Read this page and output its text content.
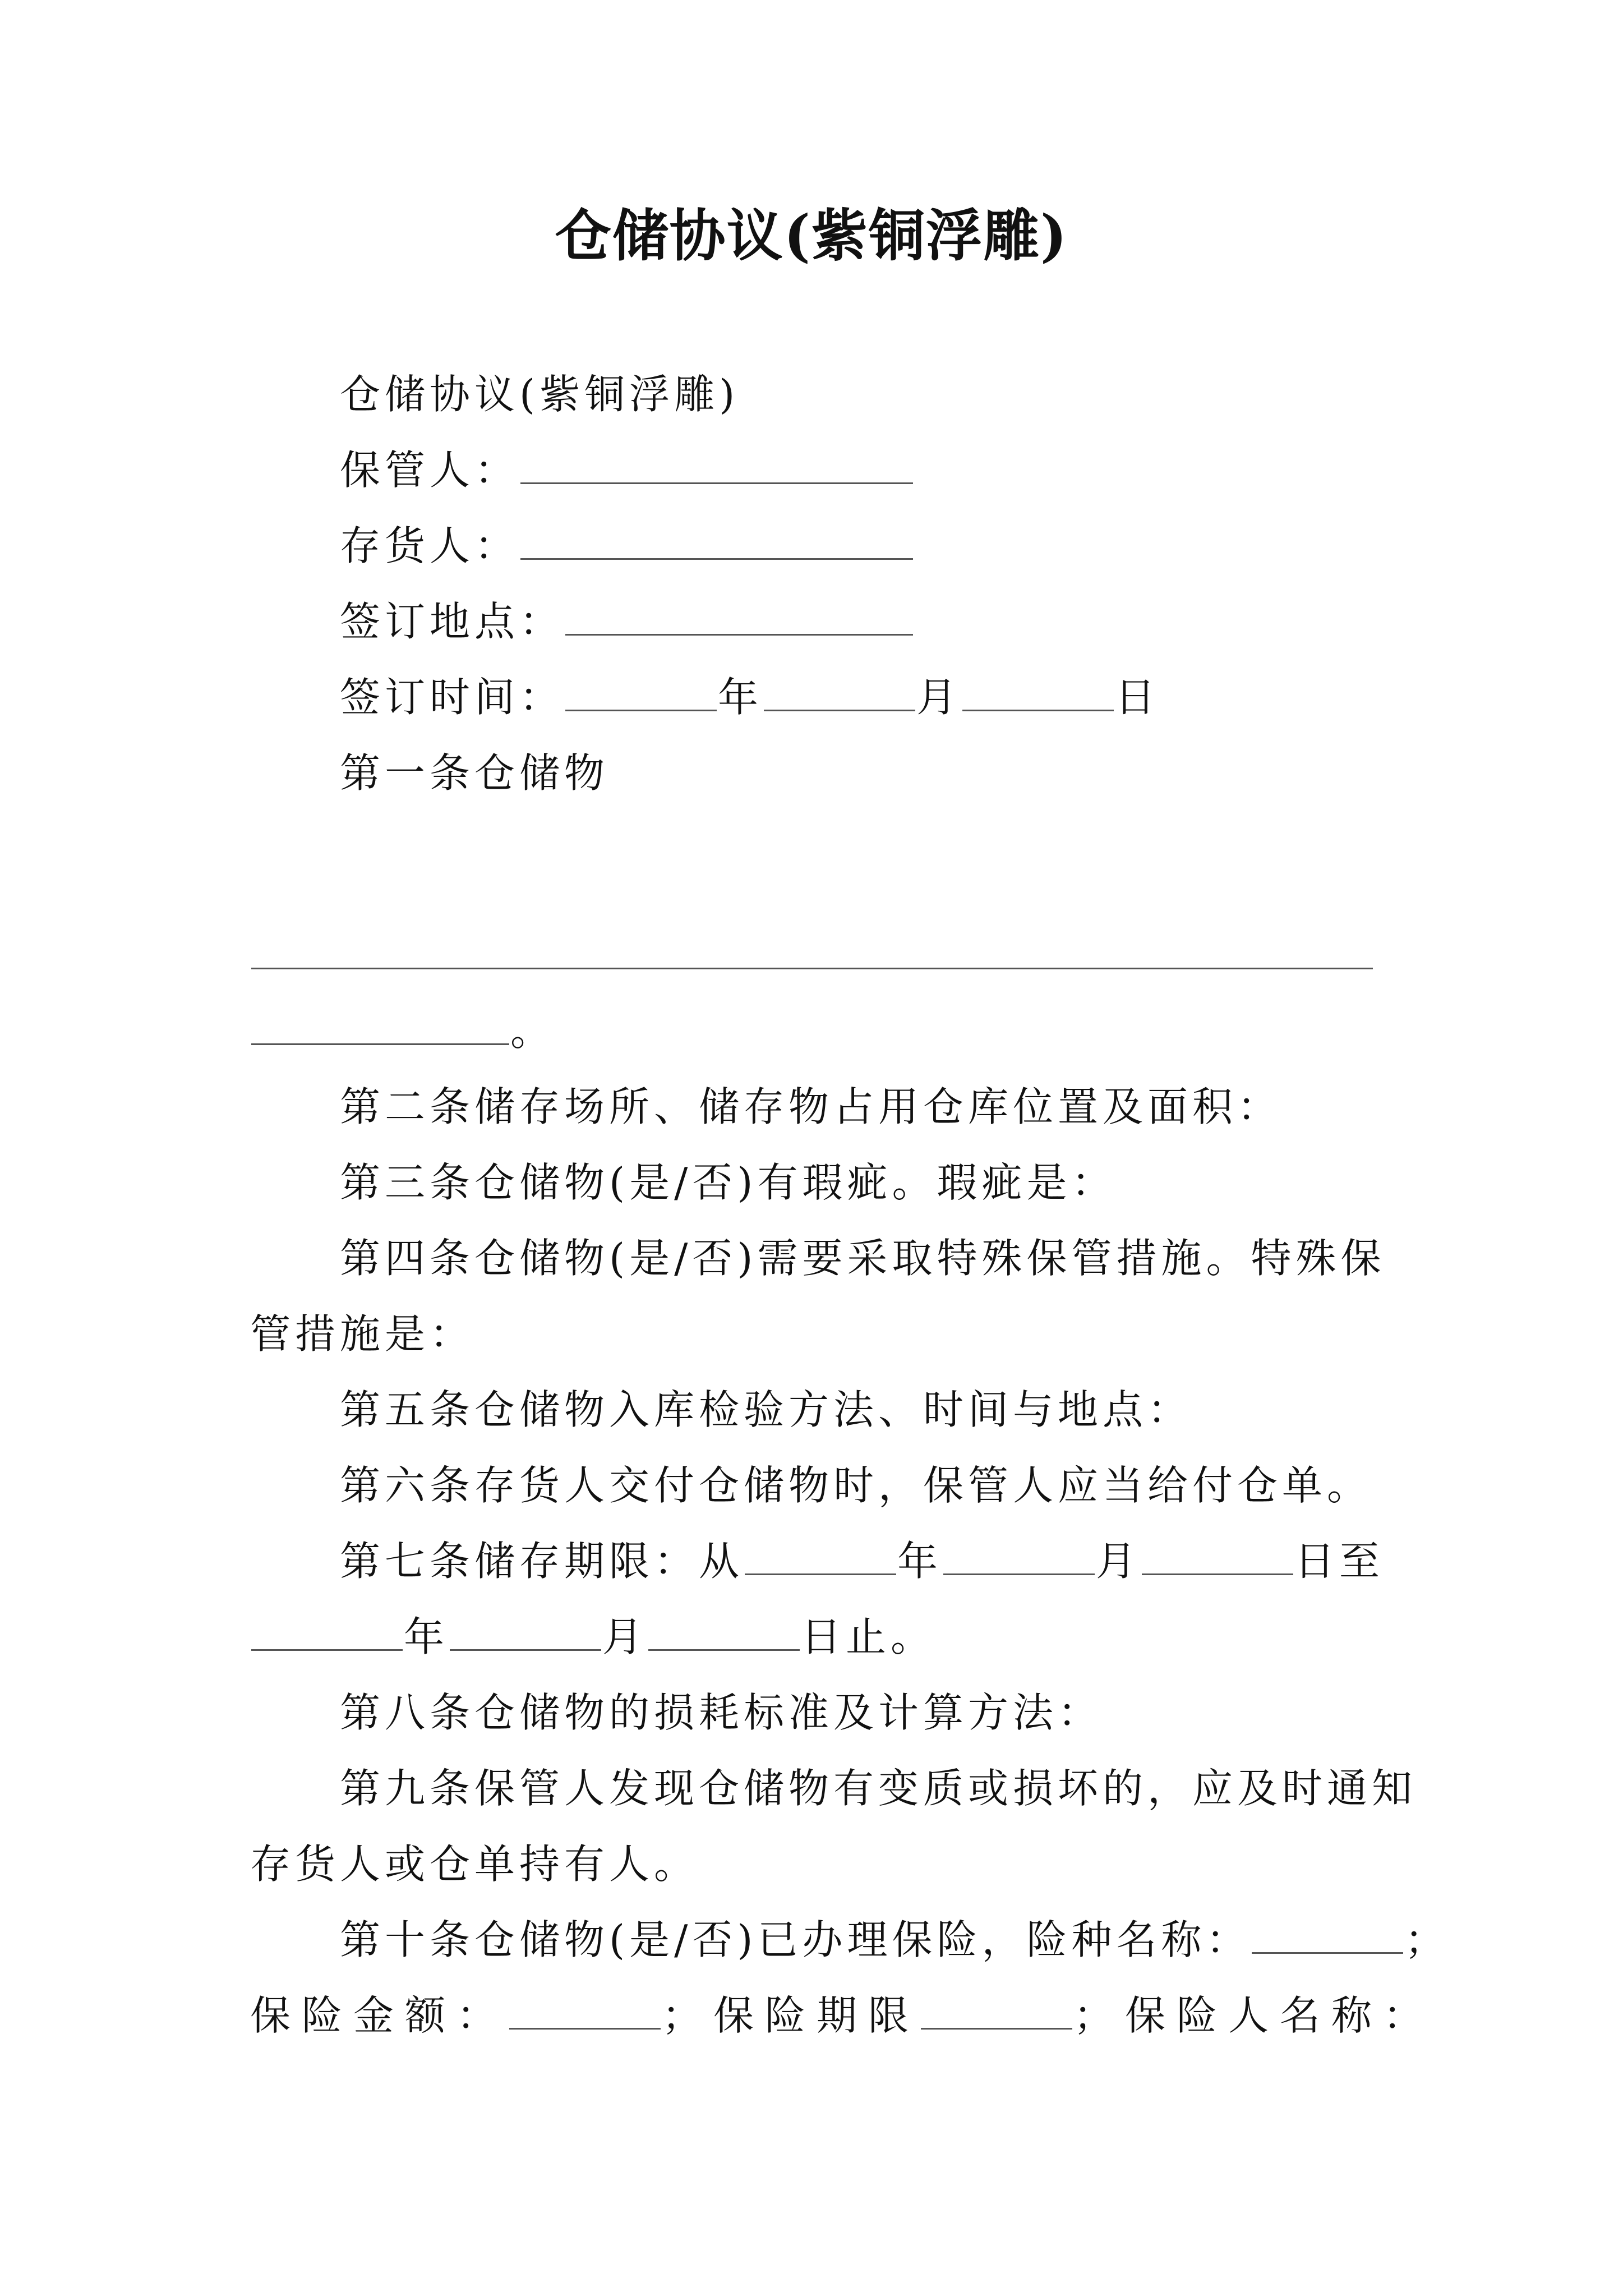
仓储协议(紫铜浮雕)
仓储协议(紫铜浮雕)
保管人：
存货人：
签订地点：
签订时间：	年	月	日
第一条仓储物
。
第二条储存场所、储存物占用仓库位置及面积：
第三条仓储物(是/否)有瑕疵。瑕疵是：
第四条仓储物(是/否)需要采取特殊保管措施。特殊保
管措施是：
第五条仓储物入库检验方法、时间与地点：
第六条存货人交付仓储物时，保管人应当给付仓单。
第七条储存期限：从	年	月	日至
年	月	日止。
第八条仓储物的损耗标准及计算方法：
第九条保管人发现仓储物有变质或损坏的，应及时通知
存货人或仓单持有人。
第十条仓储物(是/否)已办理保险，险种名称：	；
保险金额：	；保险期限	；保险人名称：
